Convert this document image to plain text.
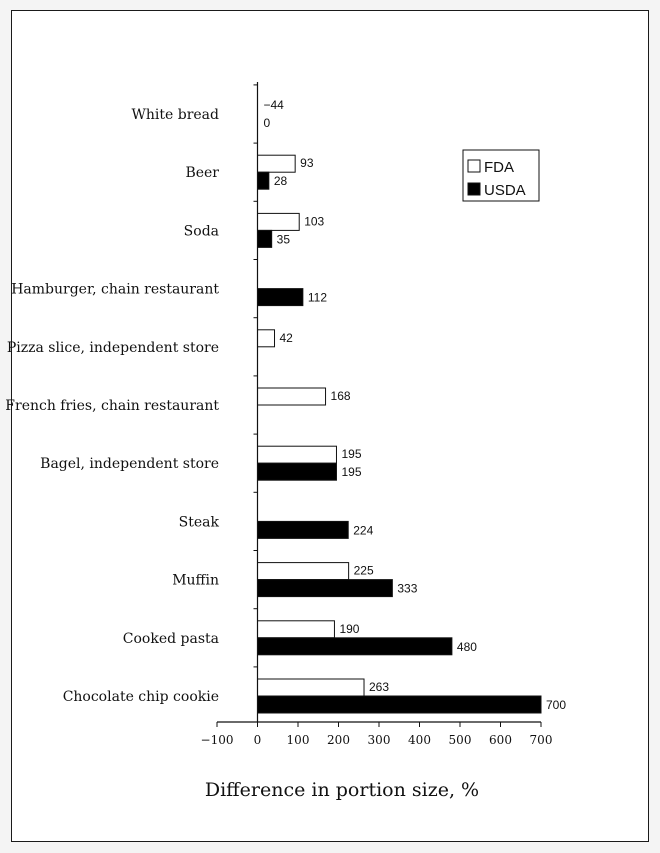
White bread
Beer
Soda
Hamburger, chain restaurant
Pizza slice, independent store
French fries, chain restaurant
Bagel, independent store
Steak
Muffin
Cooked pasta
Chocolate chip cookie
−44
0
93
28
103
35
112
42
168
195
195
224
225
333
190
480
263
700
−100 0 100 200 300 400 500 600 700
Difference in portion size, %
FDA
USDA
